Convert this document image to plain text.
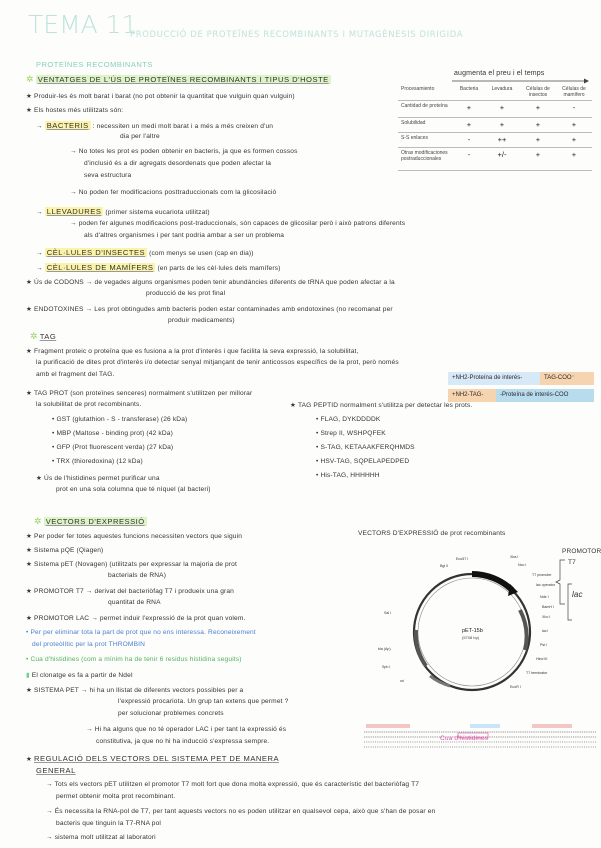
TEMA 11
PRODUCCIÓ DE PROTEÏNES RECOMBINANTS I MUTAGÈNESIS DIRIGIDA
PROTEÏNES RECOMBINANTS
✲ VENTATGES DE L'ÚS DE PROTEÏNES RECOMBINANTS I TIPUS D'HOSTE
★ Produir-les és molt barat i barat (no pot obtenir la quantitat que vulguin quan vulguin)
★ Els hostes més utilitzats són:
→ BACTERIS : necessiten un medi molt barat i a més a més creixen d'un
dia per l'altre
→ No totes les prot es poden obtenir en bacteris, ja que es formen cossos
d'inclusió és a dir agregats desordenats que poden afectar la
seva estructura
→ No poden fer modificacions posttraduccionals com la glicosilació
→ LLEVADURES (primer sistema eucariota utilitzat)
→ poden fer algunes modificacions post-traduccionals, són capaces de glicosilar però i això patrons diferents
als d'altres organismes i per tant podria ambar a ser un problema
→ CÈL·LULES D'INSECTES (com menys se usen (cap en dia))
→ CÈL·LULES DE MAMÍFERS (en parts de les cèl·lules dels mamífers)
★ Ús de CODONS → de vegades alguns organismes poden tenir abundàncies diferents de tRNA que poden afectar a la
producció de les prot final
★ ENDOTOXINES → Les prot obtingudes amb bacteris poden estar contaminades amb endotoxines (no recomanat per
produir medicaments)
augmenta el preu i el temps
Procesamiento	Bacteria	Levadura	Células de insectos	Células de mamífero
Cantidad de proteína	+	+	+	-
Solubilidad	+	+	+	+
S-S enlaces	-	++	+	+
Otras modificaciones postraduccionales	-	+/-	+	+
✲ TAG
★ Fragment proteic o proteïna que es fusiona a la prot d'interès i que facilita la seva expressió, la solubilitat,
la purificació de dites prot d'interès i/o detectar senyal mitjançant de tenir anticossos específics de la prot, però només
amb el fragment del TAG.	+NH2-Proteína de interés-	TAG-COO⁻
+NH2-TAG-	-Proteína de interés-COO
★ TAG PROT (son proteïnes senceres) normalment s'utilitzen per millorar
la solubilitat de prot recombinants.
• GST (glutathion - S - transferase) (26 kDa)
• MBP (Maltose - binding prot) (42 kDa)
• GFP (Prot fluorescent verda) (27 kDa)
• TRX (thioredoxina) (12 kDa)
★ Ús de l'histidines permet purificar una
prot en una sola columna que té níquel (al bacteri)
★ TAG PEPTID normalment s'utilitza per detectar les prots.
• FLAG, DYKDDDDK
• Strep II, WSHPQFEK
• S-TAG, KETAAAKFERQHMDS
• HSV-TAG, SQPELAPEDPED
• His-TAG, HHHHHH
✲ VECTORS D'EXPRESSIÓ
★ Per poder fer totes aquestes funcions necessiten vectors que siguin
★ Sistema pQE (Qiagen)
★ Sistema pET (Novagen) (utilitzats per expressar la majoria de prot
bacterials de RNA)
★ PROMOTOR T7 → derivat del bacteriòfag T7 i produeix una gran
quantitat de RNA
★ PROMOTOR LAC → permet induir l'expressió de la prot quan volem.
• Per per eliminar tota la part de prot que no ens interessa. Reconeixement
del proteòlític per la prot THROMBIN
• Cua d'histidines (com a mínim ha de tenir 6 residus histidina seguits)
▮ El clonatge es fa a partir de NdeI
★ SISTEMA PET → hi ha un llistat de diferents vectors possibles per a
l'expressió procariota. Un grup tan extens que permet ?
per solucionar problemes concrets
→ Hi ha alguns que no té operador LAC i per tant la expressió és
constitutiva, ja que no hi ha inducció s'expressa sempre.
★ REGULACIÓ DELS VECTORS DEL SISTEMA PET DE MANERA
GENERAL
→ Tots els vectors pET utilitzen el promotor T7 molt fort que dona molta expressió, que és característic del bacteriòfag T7
permet obtenir molta prot recombinant.
→ És necessita la RNA-pol de T7, per tant aquests vectors no es poden utilitzar en qualsevol cepa, això que s'han de posar en
bacteris que tinguin la T7-RNA pol
→ sistema molt utilitzat al laboratori
VECTORS D'EXPRESSIÓ de prot recombinants
PROMOTOR
T7
lac
Eco57 I
Bgl II
Xba I
Nco I
T7 promoter
lac operator
Nde I
BamH I
Xho I
lacI
Pst I
Hind III
T7 terminator
EcoR I
bla (Ap)
Sph I
ori
Sal I
pET-15b
(5708 bp)
Cua d'histidines
